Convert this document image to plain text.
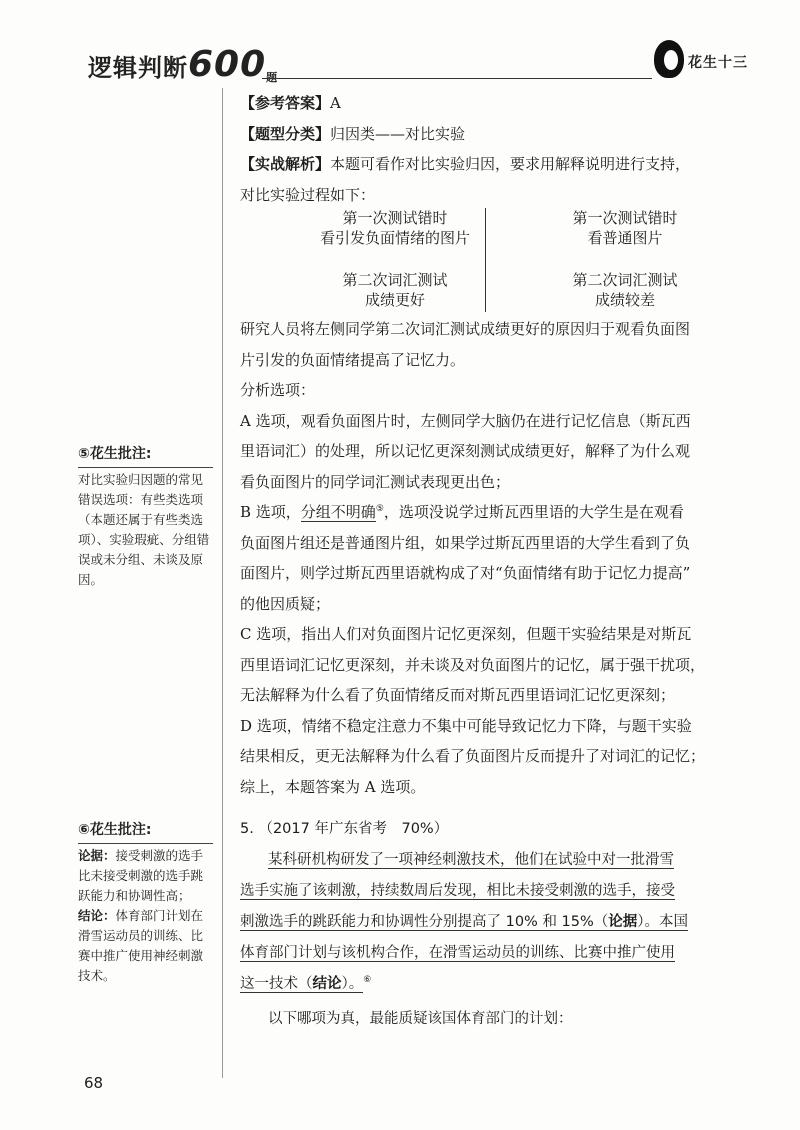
逻辑判断600题
花生十三

【参考答案】A

【题型分类】归因类——对比实验

【实战解析】本题可看作对比实验归因，要求用解释说明进行支持，

对比实验过程如下：

第一次测试错时
看引发负面情绪的图片
第一次测试错时
看普通图片
第二次词汇测试
成绩更好
第二次词汇测试
成绩较差

研究人员将左侧同学第二次词汇测试成绩更好的原因归于观看负面图

片引发的负面情绪提高了记忆力。

分析选项：

A 选项，观看负面图片时，左侧同学大脑仍在进行记忆信息（斯瓦西

里语词汇）的处理，所以记忆更深刻测试成绩更好，解释了为什么观

看负面图片的同学词汇测试表现更出色；

B 选项，分组不明确⑤，选项没说学过斯瓦西里语的大学生是在观看

负面图片组还是普通图片组，如果学过斯瓦西里语的大学生看到了负

面图片，则学过斯瓦西里语就构成了对“负面情绪有助于记忆力提高”

的他因质疑；

C 选项，指出人们对负面图片记忆更深刻，但题干实验结果是对斯瓦

西里语词汇记忆更深刻，并未谈及对负面图片的记忆，属于强干扰项，

无法解释为什么看了负面情绪反而对斯瓦西里语词汇记忆更深刻；

D 选项，情绪不稳定注意力不集中可能导致记忆力下降，与题干实验

结果相反，更无法解释为什么看了负面图片反而提升了对词汇的记忆；

综上，本题答案为 A 选项。

⑤花生批注:
对比实验归因题的常见错误选项：有些类选项（本题还属于有些类选项）、实验瑕疵、分组错误或未分组、未谈及原因。
⑥花生批注:
论据：接受刺激的选手比未接受刺激的选手跳跃能力和协调性高；
结论：体育部门计划在滑雪运动员的训练、比赛中推广使用神经刺激技术。
5. （2017 年广东省考　70%）
某科研机构研发了一项神经刺激技术，他们在试验中对一批滑雪
选手实施了该刺激，持续数周后发现，相比未接受刺激的选手，接受
刺激选手的跳跃能力和协调性分别提高了 10% 和 15%（论据）。本国
体育部门计划与该机构合作，在滑雪运动员的训练、比赛中推广使用
这一技术（结论）。⑥
以下哪项为真，最能质疑该国体育部门的计划：
68
